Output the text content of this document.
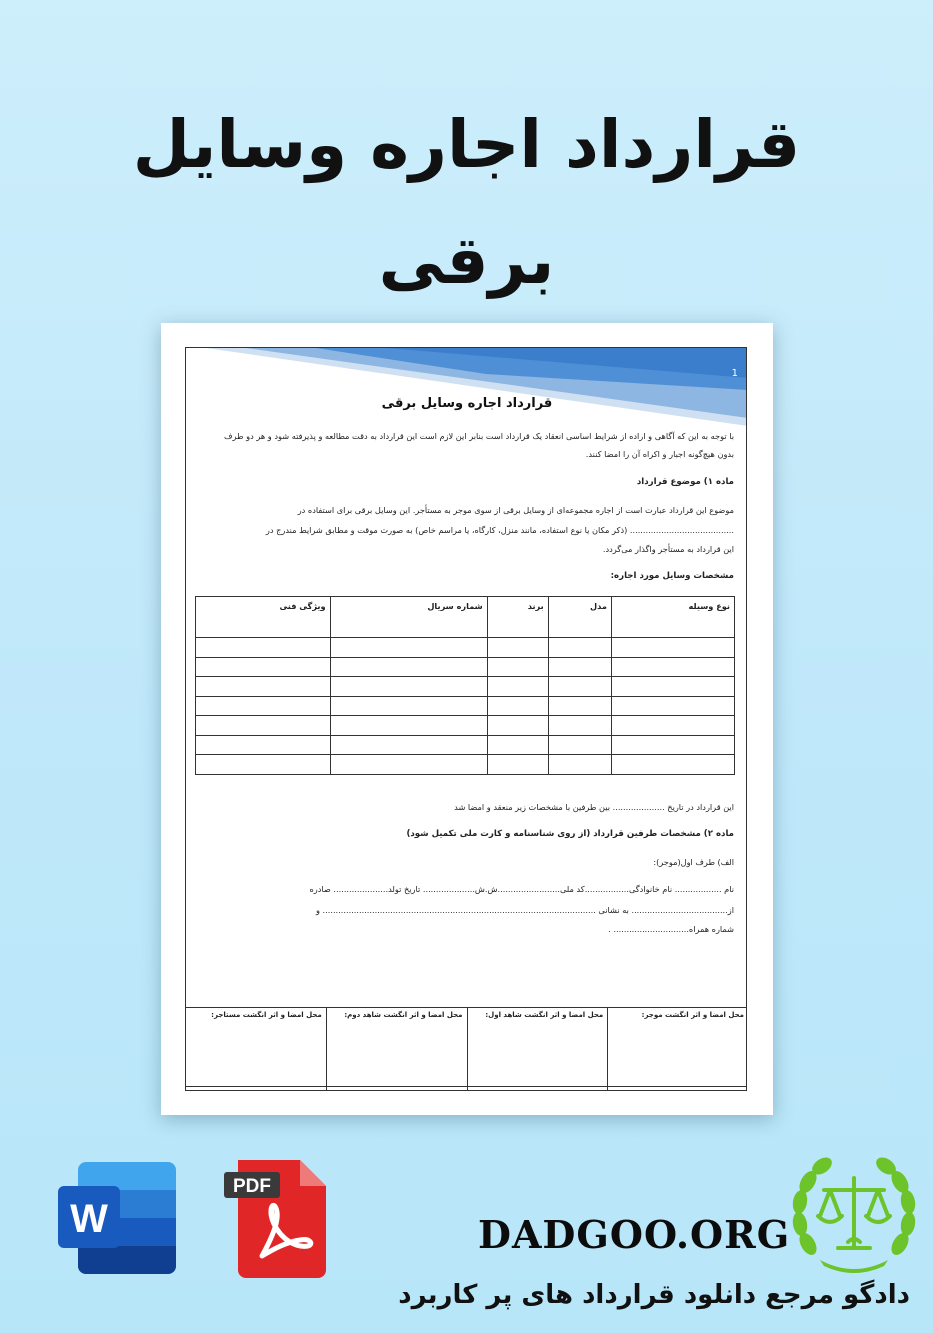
قرارداد اجاره وسایل
برقی
1
قرارداد اجاره وسایل برقی
با توجه به این که آگاهی و اراده از شرایط اساسی انعقاد یک قرارداد است بنابر این لازم است این قرارداد به دقت مطالعه و پذیرفته شود و هر دو طرف
بدون هیچ‌گونه اجبار و اکراه آن را امضا کنند.
ماده ۱) موضوع قرارداد
موضوع این قرارداد عبارت است از اجاره مجموعه‌ای از وسایل برقی از سوی موجر به مستأجر. این وسایل برقی برای استفاده در
........................................ (ذکر مکان یا نوع استفاده، مانند منزل، کارگاه، یا مراسم خاص) به صورت موقت و مطابق شرایط مندرج در
این قرارداد به مستأجر واگذار می‌گردد.
مشخصات وسایل مورد اجاره:
نوع وسیله	مدل	برند	شماره سریال	ویژگی فنی

این قرارداد در تاریخ .................... بین طرفین با مشخصات زیر منعقد و امضا شد
ماده ۲) مشخصات طرفین قرارداد (از روی شناسنامه و کارت ملی تکمیل شود)
الف) طرف اول(موجر):
نام .................. نام خانوادگی.................کد ملی........................ش.ش.................... تاریخ تولد..................... صادره
از..................................... به نشانی ......................................................................................................... و
شماره همراه............................. .
محل امضا و اثر انگشت موجر:
محل امضا و اثر انگشت شاهد اول:
محل امضا و اثر انگشت شاهد دوم:
محل امضا و اثر انگشت مستاجر:
W
PDF
DADGOO.ORG
دادگو مرجع دانلود قرارداد های پر کاربرد
